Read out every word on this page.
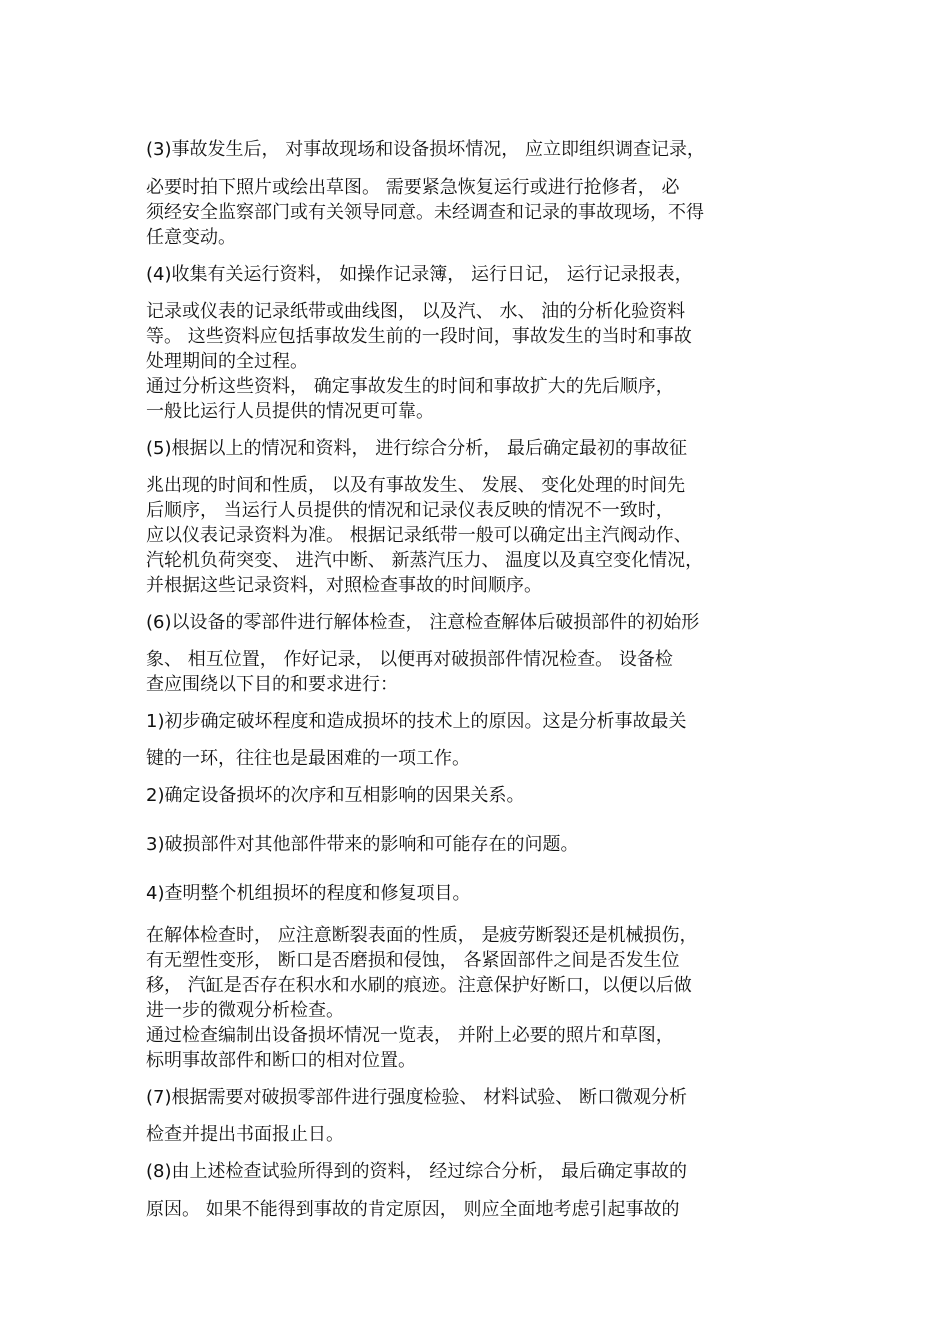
(3)事故发生后， 对事故现场和设备损坏情况， 应立即组织调查记录，
必要时拍下照片或绘出草图。 需要紧急恢复运行或进行抢修者， 必
须经安全监察部门或有关领导同意。未经调查和记录的事故现场，不得
任意变动。
(4)收集有关运行资料， 如操作记录簿， 运行日记， 运行记录报表，
记录或仪表的记录纸带或曲线图， 以及汽、 水、 油的分析化验资料
等。 这些资料应包括事故发生前的一段时间，事故发生的当时和事故
处理期间的全过程。
通过分析这些资料， 确定事故发生的时间和事故扩大的先后顺序，
一般比运行人员提供的情况更可靠。
(5)根据以上的情况和资料， 进行综合分析， 最后确定最初的事故征
兆出现的时间和性质， 以及有事故发生、 发展、 变化处理的时间先
后顺序， 当运行人员提供的情况和记录仪表反映的情况不一致时，
应以仪表记录资料为准。 根据记录纸带一般可以确定出主汽阀动作、
汽轮机负荷突变、 进汽中断、 新蒸汽压力、 温度以及真空变化情况，
并根据这些记录资料，对照检查事故的时间顺序。
(6)以设备的零部件进行解体检查， 注意检查解体后破损部件的初始形
象、 相互位置， 作好记录， 以便再对破损部件情况检查。 设备检
查应围绕以下目的和要求进行：
1)初步确定破坏程度和造成损坏的技术上的原因。这是分析事故最关
键的一环，往往也是最困难的一项工作。
2)确定设备损坏的次序和互相影响的因果关系。
3)破损部件对其他部件带来的影响和可能存在的问题。
4)查明整个机组损坏的程度和修复项目。
在解体检查时， 应注意断裂表面的性质， 是疲劳断裂还是机械损伤，
有无塑性变形， 断口是否磨损和侵蚀， 各紧固部件之间是否发生位
移， 汽缸是否存在积水和水刷的痕迹。注意保护好断口，以便以后做
进一步的微观分析检查。
通过检查编制出设备损坏情况一览表， 并附上必要的照片和草图，
标明事故部件和断口的相对位置。
(7)根据需要对破损零部件进行强度检验、 材料试验、 断口微观分析
检查并提出书面报止日。
(8)由上述检查试验所得到的资料， 经过综合分析， 最后确定事故的
原因。 如果不能得到事故的肯定原因， 则应全面地考虑引起事故的
